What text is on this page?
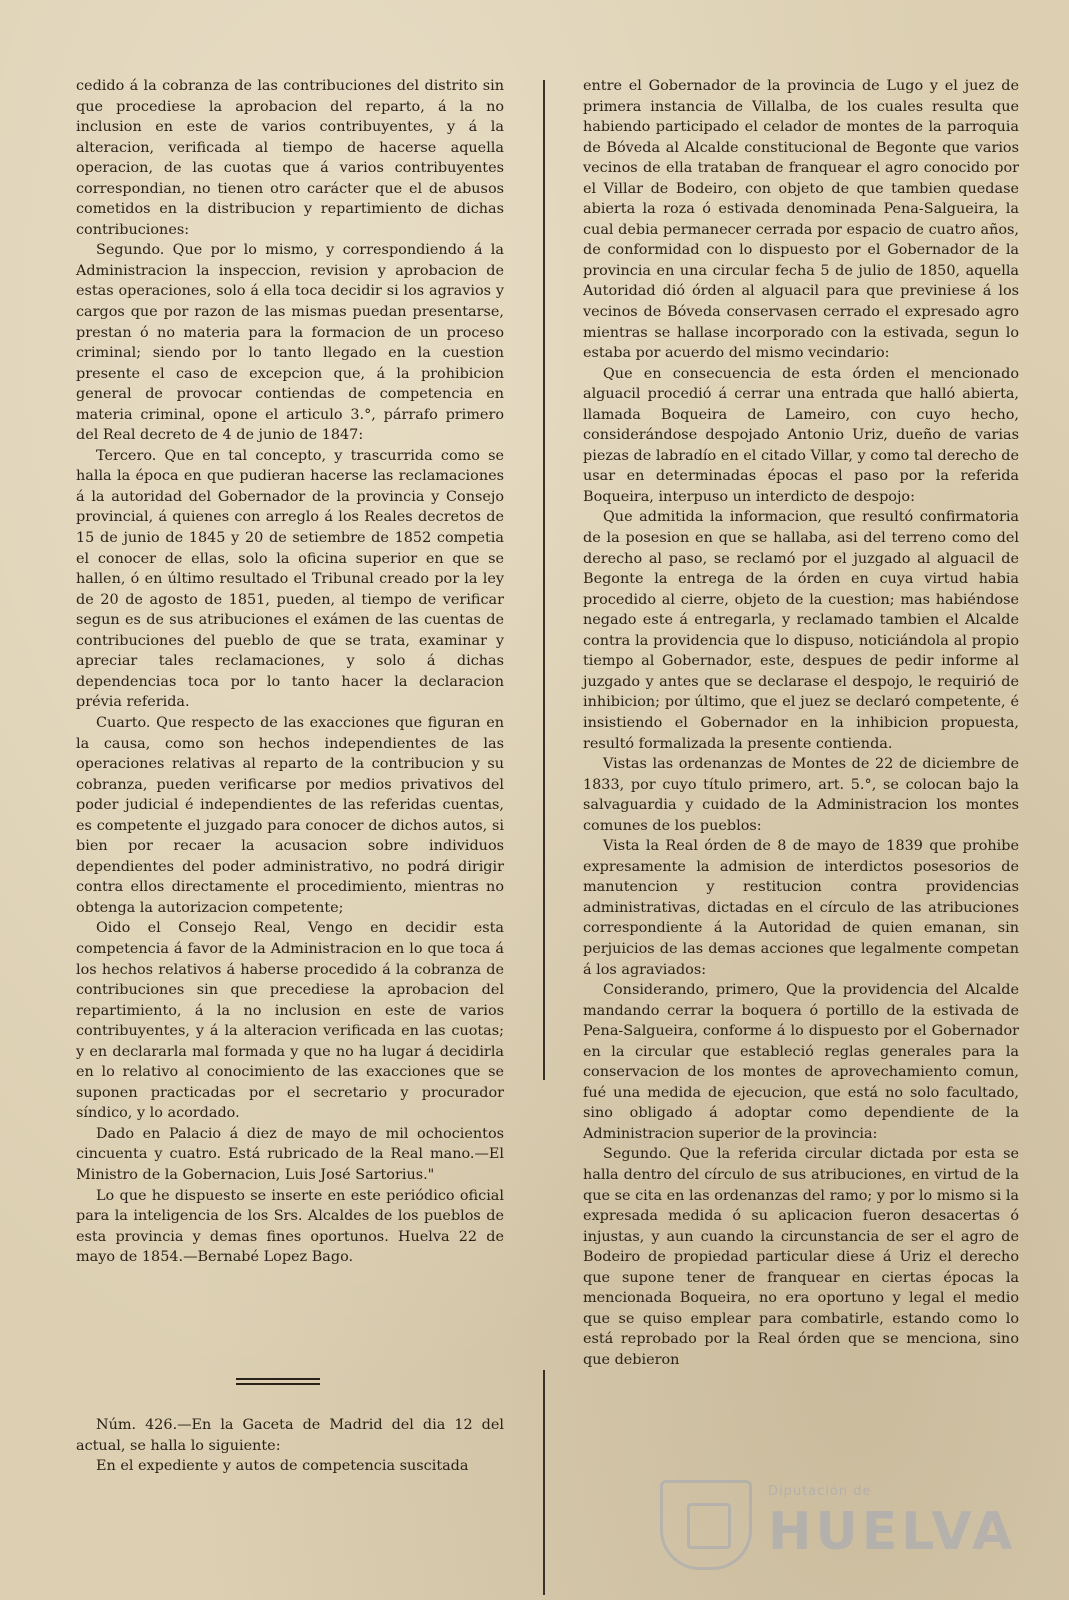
cedido á la cobranza de las contribuciones del distrito sin que procediese la aprobacion del reparto, á la no inclusion en este de varios contribuyentes, y á la alteracion, verificada al tiempo de hacerse aquella operacion, de las cuotas que á varios contribuyentes correspondian, no tienen otro carácter que el de abusos cometidos en la distribucion y repartimiento de dichas contribuciones:

Segundo. Que por lo mismo, y correspondiendo á la Administracion la inspeccion, revision y aprobacion de estas operaciones, solo á ella toca decidir si los agravios y cargos que por razon de las mismas puedan presentarse, prestan ó no materia para la formacion de un proceso criminal; siendo por lo tanto llegado en la cuestion presente el caso de excepcion que, á la prohibicion general de provocar contiendas de competencia en materia criminal, opone el articulo 3.°, párrafo primero del Real decreto de 4 de junio de 1847:

Tercero. Que en tal concepto, y trascurrida como se halla la época en que pudieran hacerse las reclamaciones á la autoridad del Gobernador de la provincia y Consejo provincial, á quienes con arreglo á los Reales decretos de 15 de junio de 1845 y 20 de setiembre de 1852 competia el conocer de ellas, solo la oficina superior en que se hallen, ó en último resultado el Tribunal creado por la ley de 20 de agosto de 1851, pueden, al tiempo de verificar segun es de sus atribuciones el exámen de las cuentas de contribuciones del pueblo de que se trata, examinar y apreciar tales reclamaciones, y solo á dichas dependencias toca por lo tanto hacer la declaracion prévia referida.

Cuarto. Que respecto de las exacciones que figuran en la causa, como son hechos independientes de las operaciones relativas al reparto de la contribucion y su cobranza, pueden verificarse por medios privativos del poder judicial é independientes de las referidas cuentas, es competente el juzgado para conocer de dichos autos, si bien por recaer la acusacion sobre individuos dependientes del poder administrativo, no podrá dirigir contra ellos directamente el procedimiento, mientras no obtenga la autorizacion competente;

Oido el Consejo Real, Vengo en decidir esta competencia á favor de la Administracion en lo que toca á los hechos relativos á haberse procedido á la cobranza de contribuciones sin que precediese la aprobacion del repartimiento, á la no inclusion en este de varios contribuyentes, y á la alteracion verificada en las cuotas; y en declararla mal formada y que no ha lugar á decidirla en lo relativo al conocimiento de las exacciones que se suponen practicadas por el secretario y procurador síndico, y lo acordado.

Dado en Palacio á diez de mayo de mil ochocientos cincuenta y cuatro. Está rubricado de la Real mano.—El Ministro de la Gobernacion, Luis José Sartorius."

Lo que he dispuesto se inserte en este periódico oficial para la inteligencia de los Srs. Alcaldes de los pueblos de esta provincia y demas fines oportunos. Huelva 22 de mayo de 1854.—Bernabé Lopez Bago.

Núm. 426.—En la Gaceta de Madrid del dia 12 del actual, se halla lo siguiente:

En el expediente y autos de competencia suscitada

entre el Gobernador de la provincia de Lugo y el juez de primera instancia de Villalba, de los cuales resulta que habiendo participado el celador de montes de la parroquia de Bóveda al Alcalde constitucional de Begonte que varios vecinos de ella trataban de franquear el agro conocido por el Villar de Bodeiro, con objeto de que tambien quedase abierta la roza ó estivada denominada Pena-Salgueira, la cual debia permanecer cerrada por espacio de cuatro años, de conformidad con lo dispuesto por el Gobernador de la provincia en una circular fecha 5 de julio de 1850, aquella Autoridad dió órden al alguacil para que previniese á los vecinos de Bóveda conservasen cerrado el expresado agro mientras se hallase incorporado con la estivada, segun lo estaba por acuerdo del mismo vecindario:

Que en consecuencia de esta órden el mencionado alguacil procedió á cerrar una entrada que halló abierta, llamada Boqueira de Lameiro, con cuyo hecho, considerándose despojado Antonio Uriz, dueño de varias piezas de labradío en el citado Villar, y como tal derecho de usar en determinadas épocas el paso por la referida Boqueira, interpuso un interdicto de despojo:

Que admitida la informacion, que resultó confirmatoria de la posesion en que se hallaba, asi del terreno como del derecho al paso, se reclamó por el juzgado al alguacil de Begonte la entrega de la órden en cuya virtud habia procedido al cierre, objeto de la cuestion; mas habiéndose negado este á entregarla, y reclamado tambien el Alcalde contra la providencia que lo dispuso, noticiándola al propio tiempo al Gobernador, este, despues de pedir informe al juzgado y antes que se declarase el despojo, le requirió de inhibicion; por último, que el juez se declaró competente, é insistiendo el Gobernador en la inhibicion propuesta, resultó formalizada la presente contienda.

Vistas las ordenanzas de Montes de 22 de diciembre de 1833, por cuyo título primero, art. 5.°, se colocan bajo la salvaguardia y cuidado de la Administracion los montes comunes de los pueblos:

Vista la Real órden de 8 de mayo de 1839 que prohibe expresamente la admision de interdictos posesorios de manutencion y restitucion contra providencias administrativas, dictadas en el círculo de las atribuciones correspondiente á la Autoridad de quien emanan, sin perjuicios de las demas acciones que legalmente competan á los agraviados:

Considerando, primero, Que la providencia del Alcalde mandando cerrar la boquera ó portillo de la estivada de Pena-Salgueira, conforme á lo dispuesto por el Gobernador en la circular que estableció reglas generales para la conservacion de los montes de aprovechamiento comun, fué una medida de ejecucion, que está no solo facultado, sino obligado á adoptar como dependiente de la Administracion superior de la provincia:

Segundo. Que la referida circular dictada por esta se halla dentro del círculo de sus atribuciones, en virtud de la que se cita en las ordenanzas del ramo; y por lo mismo si la expresada medida ó su aplicacion fueron desacertas ó injustas, y aun cuando la circunstancia de ser el agro de Bodeiro de propiedad particular diese á Uriz el derecho que supone tener de franquear en ciertas épocas la mencionada Boqueira, no era oportuno y legal el medio que se quiso emplear para combatirle, estando como lo está reprobado por la Real órden que se menciona, sino que debieron

Diputación de
HUELVA
